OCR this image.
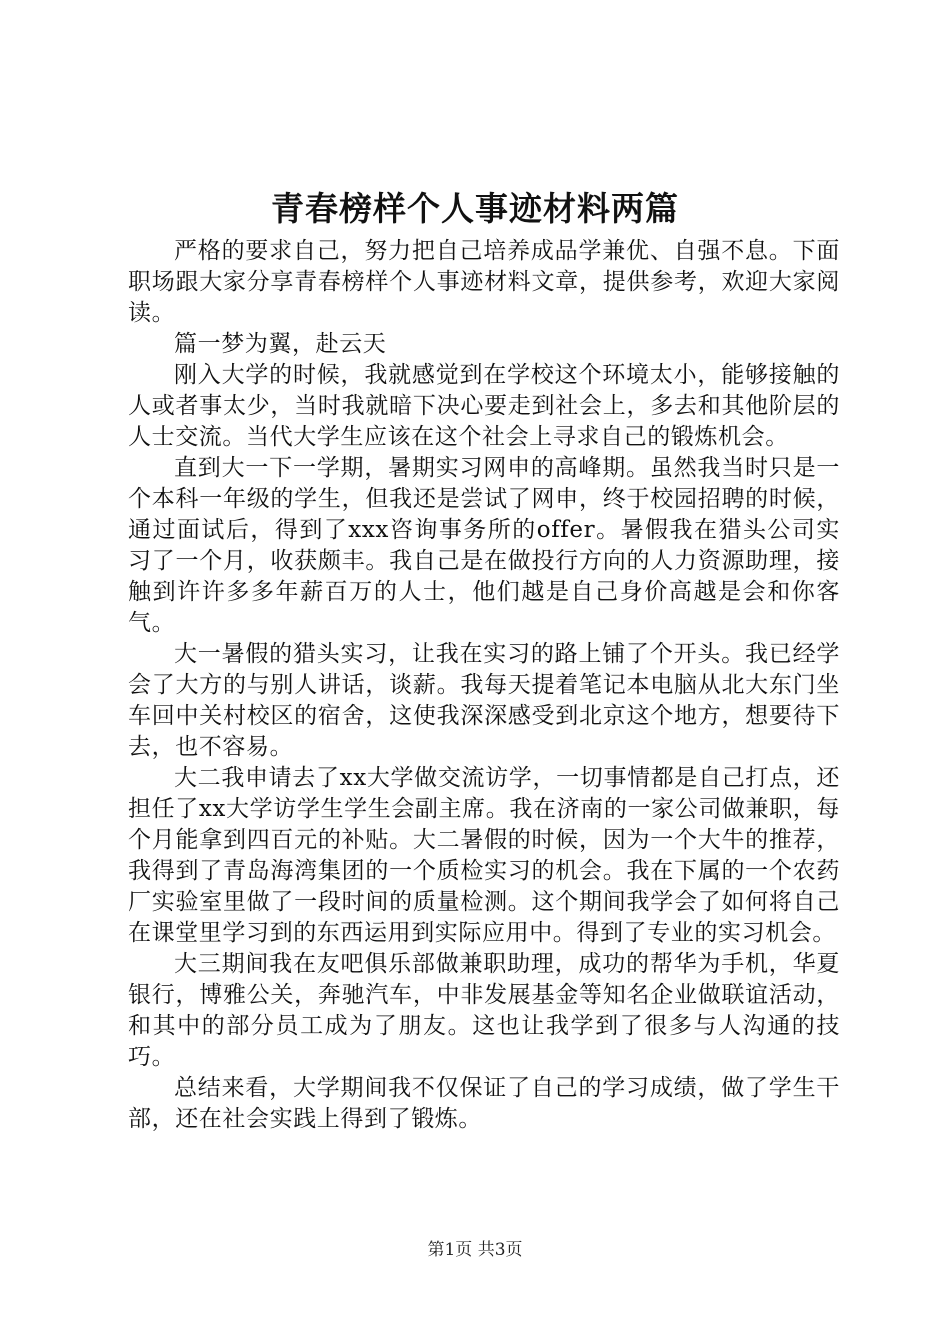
青春榜样个人事迹材料两篇

严格的要求自己，努力把自己培养成品学兼优、自强不息。下面职场跟大家分享青春榜样个人事迹材料文章，提供参考，欢迎大家阅读。

篇一梦为翼，赴云天

刚入大学的时候，我就感觉到在学校这个环境太小，能够接触的人或者事太少，当时我就暗下决心要走到社会上，多去和其他阶层的人士交流。当代大学生应该在这个社会上寻求自己的锻炼机会。

直到大一下一学期，暑期实习网申的高峰期。虽然我当时只是一个本科一年级的学生，但我还是尝试了网申，终于校园招聘的时候，通过面试后，得到了xxx咨询事务所的offer。暑假我在猎头公司实习了一个月，收获颇丰。我自己是在做投行方向的人力资源助理，接触到许许多多年薪百万的人士，他们越是自己身价高越是会和你客气。

大一暑假的猎头实习，让我在实习的路上铺了个开头。我已经学会了大方的与别人讲话，谈薪。我每天提着笔记本电脑从北大东门坐车回中关村校区的宿舍，这使我深深感受到北京这个地方，想要待下去，也不容易。

大二我申请去了xx大学做交流访学，一切事情都是自己打点，还担任了xx大学访学生学生会副主席。我在济南的一家公司做兼职，每个月能拿到四百元的补贴。大二暑假的时候，因为一个大牛的推荐，我得到了青岛海湾集团的一个质检实习的机会。我在下属的一个农药厂实验室里做了一段时间的质量检测。这个期间我学会了如何将自己在课堂里学习到的东西运用到实际应用中。得到了专业的实习机会。

大三期间我在友吧俱乐部做兼职助理，成功的帮华为手机，华夏银行，博雅公关，奔驰汽车，中非发展基金等知名企业做联谊活动，和其中的部分员工成为了朋友。这也让我学到了很多与人沟通的技巧。

总结来看，大学期间我不仅保证了自己的学习成绩，做了学生干部，还在社会实践上得到了锻炼。

第1页 共3页
